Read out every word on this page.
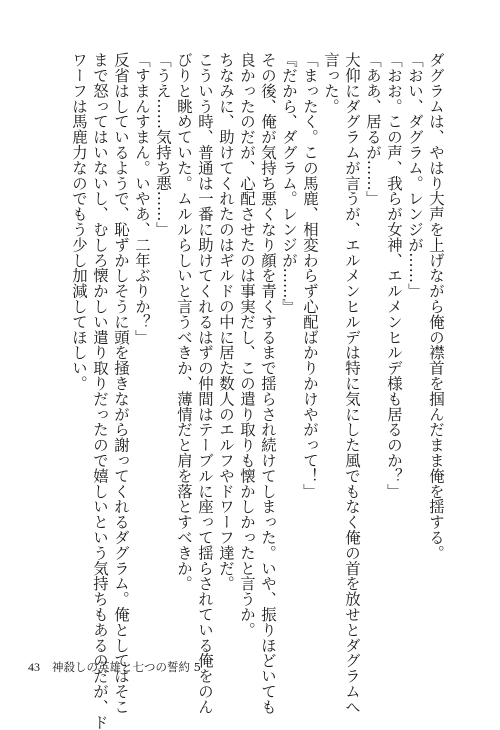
ダグラムは、やはり大声を上げながら俺の襟首を掴んだまま俺を揺する。
「おい、ダグラム。レンジが……」
「おお。この声、我らが女神、エルメンヒルデ様も居るのか？」
「ああ、居るが……」
大仰にダグラムが言うが、エルメンヒルデは特に気にした風でもなく俺の首を放せとダグラムへ
言った。
「まったく。この馬鹿、相変わらず心配ばかりかけやがって！」
『だから、ダグラム。レンジが……』
その後、俺が気持ち悪くなり顔を青くするまで揺らされ続けてしまった。いや、振りほどいても
良かったのだが、心配させたのは事実だし、この遣り取りも懐かしかったと言うか。
ちなみに、助けてくれたのはギルドの中に居た数人のエルフやドワーフ達だ。
こういう時、普通は一番に助けてくれるはずの仲間はテーブルに座って揺らされている俺をのん
びりと眺めていた。ムルルらしいと言うべきか、薄情だと肩を落とすべきか。
「うえ……気持ち悪……」
「すまんすまん。いやあ、二年ぶりか？」
反省はしているようで、恥ずかしそうに頭を掻きながら謝ってくれるダグラム。俺としてはそこ
まで怒ってはいないし、むしろ懐かしい遣り取りだったので嬉しいという気持ちもあるのだが、ド
ワーフは馬鹿力なのでもう少し加減してほしい。
43 神殺しの英雄と七つの誓約 5
